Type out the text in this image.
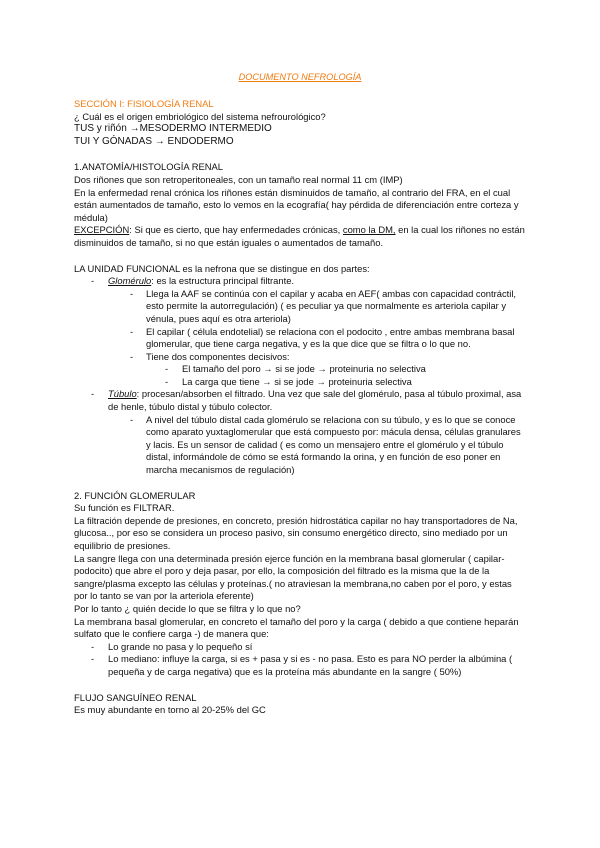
DOCUMENTO NEFROLOGÍA

SECCIÓN I: FISIOLOGÍA RENAL

¿ Cuál es el origen embriológico del sistema nefrourológico?

TUS y riñón →MESODERMO INTERMEDIO

TUI Y GÓNADAS → ENDODERMO

1.ANATOMÍA/HISTOLOGÍA RENAL

Dos riñones que son retroperitoneales, con un tamaño real normal 11 cm (IMP)

En la enfermedad renal crónica los riñones están disminuidos de tamaño, al contrario del FRA, en el cual están aumentados de tamaño, esto lo vemos en la ecografía( hay pérdida de diferenciación entre corteza y médula)

EXCEPCIÓN: Si que es cierto, que hay enfermedades crónicas, como la DM, en la cual los riñones no están disminuidos de tamaño, si no que están iguales o aumentados de tamaño.

LA UNIDAD FUNCIONAL es la nefrona que se distingue en dos partes:

- Glomérulo: es la estructura principal filtrante.
- Llega la AAF se continúa con el capilar y acaba en AEF( ambas con capacidad contráctil, esto permite la autorregulación) ( es peculiar ya que normalmente es arteriola capilar y vénula, pues aquí es otra arteriola)
- El capilar ( célula endotelial) se relaciona con el podocito , entre ambas membrana basal glomerular, que tiene carga negativa, y es la que dice que se filtra o lo que no.
- Tiene dos componentes decisivos:
- El tamaño del poro → si se jode → proteinuria no selectiva
- La carga que tiene → si se jode → proteinuria selectiva
- Túbulo: procesan/absorben el filtrado. Una vez que sale del glomérulo, pasa al túbulo proximal, asa de henle, túbulo distal y túbulo colector.
- A nivel del túbulo distal cada glomérulo se relaciona con su túbulo, y es lo que se conoce como aparato yuxtaglomerular que está compuesto por: mácula densa, células granulares y lacis. Es un sensor de calidad ( es como un mensajero entre el glomérulo y el túbulo distal, informándole de cómo se está formando la orina, y en función de eso poner en marcha mecanismos de regulación)

2. FUNCIÓN GLOMERULAR

Su función es FILTRAR.

La filtración depende de presiones, en concreto, presión hidrostática capilar no hay transportadores de Na, glucosa.., por eso se considera un proceso pasivo, sin consumo energético directo, sino mediado por un equilibrio de presiones.

La sangre llega con una determinada presión ejerce función en la membrana basal glomerular ( capilar- podocito) que abre el poro y deja pasar, por ello, la composición del filtrado es la misma que la de la sangre/plasma excepto las células y proteínas.( no atraviesan la membrana,no caben por el poro, y estas por lo tanto se van por la arteriola eferente)

Por lo tanto ¿ quién decide lo que se filtra y lo que no?

La membrana basal glomerular, en concreto el tamaño del poro y la carga ( debido a que contiene heparán sulfato que le confiere carga -) de manera que:

- Lo grande no pasa y lo pequeño sí
- Lo mediano: influye la carga, si es + pasa y si es - no pasa. Esto es para NO perder la albúmina ( pequeña y de carga negativa) que es la proteína más abundante en la sangre ( 50%)

FLUJO SANGUÍNEO RENAL

Es muy abundante en torno al 20-25% del GC
